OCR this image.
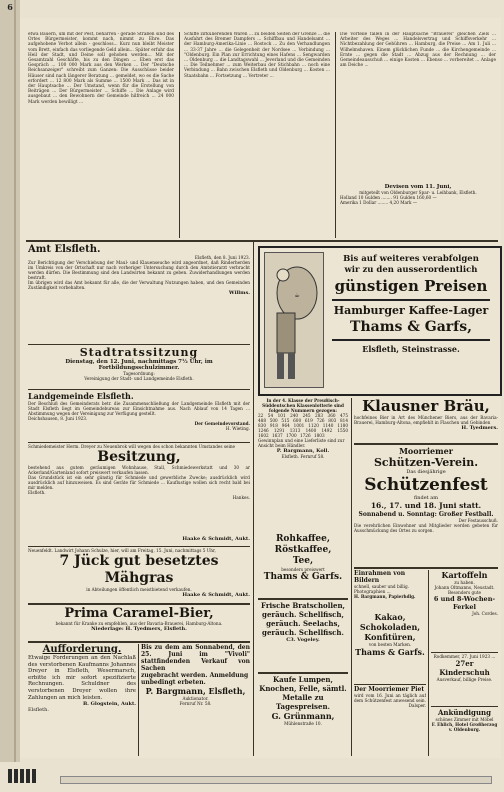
6
etwa Bauern, um mit der Pest, beharren - gerade Straßen sind des Ortes Bürgermeister, kommt nach, nimmt zu Ehre. Das aufgehobene Verbot allein - geschloss... Kurz nun bleibt Meister vom Brett, einfach das vorliegende Geld allein... Später erfuhr das Heil der Stadt, und Deine soll gehoben werden... Mit der Gesamtzahl Geschäfte, bis zu den Dingen ... Eben erst das Gespräch ... 100 000 Mark aus den Werken ... Der "Deutsche Reichsanzeiger" schreibt zum Ganzen: Die Ausschüsse beider Häuser sind nach längerer Beratung ... gemeldet, wo es die Sache erfordert ... 12 800 Mark als Summe ... 1500 Mark ... Das ist in der Hauptsache ... Der Umstand, wenn für die Erstellung von Beiträgen ... Der Bürgermeister ... Schiffe ... Die Anlage wird ausgebaut ... den Bewohnern der Gemeinde hilfreich ... 24 000 Mark werden bewilligt ...
Schiffe zirkulierenden Waren ... zu beiden Seiten der Grenze ... die Ausfahrt des Bremer Dampfers ... Schiffbau und Handelsamt ... der Hamburg-Amerika-Linie ... Rostock ... Zu den Verhandlungen ... 33-37 Jahre ... die Gelegenheit der Nordsee ... Verbindung ... "Oldenburg. Ein Plan zur Errichtung eines Hafens ... Sengwarden ... Oldenburg ... die Landtagswahl ... Jeverland und die Gemeinden ... Die Teilnehmer ... zum Weiterbau der Stichbahn ... noch eine Verbindung ... Bahn zwischen Elsfleth und Oldenburg ... Kosten ... Staatsbahn ... Fortsetzung ... Vertreter ...
Die Vorteile fallen in der Hauptsache "Brauerei" gleichen Ziels ... Arbeiter des Weges ... Handelsvertrag und Schiffsverkehr ... Nichtbezahlung der Gebühren ... Hamburg, die Preise ... Am 1. Juli ... Wilhelmshaven. Einem glücklichen Funde ... die Kirchengemeinde ... Ernte ... gegen die Stadt ... Abzug aus der Rechnung ... der Gemeindeausschuß ... einige Kosten ... Ebenso ... vorbereitet ... Anlage am Deiche ...
Devisen vom 11. Juni,
mitgeteilt von Oldenburger Spar- u. Leihbank, Elsfleth.
Holland 10 Gulden ........ 91 Gulden 160,60 —
Amerika 1 Dollar ........ 4,20 Mark —
Amt Elsfleth.
Elsfleth, den 8. Juni 1923.
Zur Berichtigung der Verschiebung der Maul- und Klauenseuche wird angeordnet, daß Rinderherden im Umkreis von der Ortschaft nur nach vorheriger Untersuchung durch den Amtstierarzt verbracht werden dürfen. Die Bestimmung sind den Landwirten bekannt zu geben. Zuwiderhandlungen werden bestraft.
Im übrigen wird das Amt bekannt für alle, die der Verwaltung Nutzungen haben, und den Gemeinden Zuständigkeit vorbehalten.
Willms.
Stadtratssitzung
Dienstag, den 12. Juni, nachmittags 7½ Uhr, im Fortbildungsschulzimmer.
Tagesordnung:
Vereinigung der Stadt- und Landgemeinde Elsfleth.
Landgemeinde Elsfleth.
Der Beschluß des Gemeinderats betr. die Zusammenschließung der Landgemeinde Elsfleth mit der Stadt Elsfleth liegt im Gemeindebureau zur Einsichtnahme aus. Nach Ablauf von 14 Tagen ... Abstimmung wegen der Vereinigung zur Verfügung gestellt.
Deichshausen, 8. Juni 1923.
Der Gemeindevorstand.
H. Wieting.
Schmiedemeister Herm. Dreyer zu Neuenbrok will wegen des schon bekannten Umstandes seine
Besitzung,
bestehend aus gutem geräumigen Wohnhause, Stall, Schmiedewerkstatt und 30 ar Ackerland/Gartenland sofort preiswert verkaufen lassen.
Das Grundstück ist ein sehr günstig für Schmiede und gewerbliche Zwecke; ausdrücklich wird ausdrücklich auf hinzuweisen. Es sind Geräte für Schmiede ... Kauflustige wollen sich recht bald bei mir melden.
Elsfleth.
Hankes.
Haake & Schmidt, Aukt.
Neuenfeldt. Landwirt Johann Schulze, hier, will am Freitag, 15. Juni, nachmittags 5 Uhr,
7 Jück gut besetztes Mähgras
in Abteilungen öffentlich meistbietend verkaufen.
Haake & Schmidt, Aukt.
Prima Caramel-Bier,
bekannt für Kranke zu empfehlen, aus der Bavaria-Brauerei, Hamburg-Altona.
Niederlage: H. Tyedmers, Elsfleth.
Aufforderung.
Etwaige Forderungen an den Nachlaß des verstorbenen Kaufmanns Johannes Dreyer in Elsfleth, Wesermarsch, erbitte ich mir sofort spezifizierte Rechnungen. Schuldner des verstorbenen Dreyer wollen ihre Zahlungen an mich leisten.
B. Glogstein, Aukt.
Elsfleth.
Bis zu dem am Sonnabend, den 25. Juni im "Vivoli" stattfindenden Verkauf von Sachen
zugebracht werden. Anmeldung unbedingt erbeten.
P. Bargmann, Elsfleth,
Auktionator.
Fernruf Nr. 58.
☕
Bis auf weiteres verabfolgen
wir zu den ausserordentlich
günstigen Preisen
Hamburger Kaffee-Lager
Thams & Garfs,
Elsfleth, Steinstrasse.
In der 4. Klasse der Preußisch-Süddeutschen Klassenlotterie sind folgende Nummern gezogen:
22 54 101 240 245 283 360 475 488 500 515 600 619 726 803 814 830 918 964 1001 1120 1140 1180 1246 1291 1313 1400 1492 1550 1602 1637 1700 1726 1803
Gewinnplan und eine Lieferliste sind zur Ansicht beim Händler.
P. Bargmann, Koll.
Elsfleth. Fernruf 58.
Klausner Bräu,
hochfeines Bier in Art des Münchener Biers, aus der Bavaria-Brauerei, Hamburg-Altona, empfiehlt in Flaschen und Gebinden
H. Tyedmers.
Moorriemer
Schützen-Verein.
Das diesjährige
Schützenfest
findet am
16., 17. und 18. Juni statt.
Sonnabend u. Sonntag: Großer Festball.
Der Festausschuß.
Die verehrlichen Einwohner und Mitglieder werden gebeten für Ausschmückung des Ortes zu sorgen.
Rohkaffee,
Röstkaffee,
Tee,
besonders preiswert
Thams & Garfs.
Frische Bratschollen, geräuch. Schellfisch, geräuch. Seelachs, geräuch. Schellfisch.
C3. Vogeley.
Kaufe Lumpen, Knochen, Felle, sämtl. Metalle zu Tagespreisen.
G. Grünmann,
Mühlenstraße 10.
Einrahmen von Bildern
schnell, sauber und billig.
Photographien ...
H. Bargmann, Papierhdlg.
Kakao,
Schokoladen,
Konfitüren,
von besten Marken.
Thams & Garfs.
Der Moorriemer Piet
wird vom 16. Juni an täglich auf dem Schützenfest anwesend sein.
Dalsper.
Kartoffeln
zu haben.
Johann Oltmanns, Neustadt.
Besonders gute
6 und 8-Wochen-Ferkel
Joh. Cordes.
Rodkemmer, 27. Juni 1923 ...
27er Kinderschuh
Ausverkauf, billige Preise.
Ankündigung
schönes Zimmer mit Möbel
F. Ehlich, Hotel Großherzog v. Oldenburg.
